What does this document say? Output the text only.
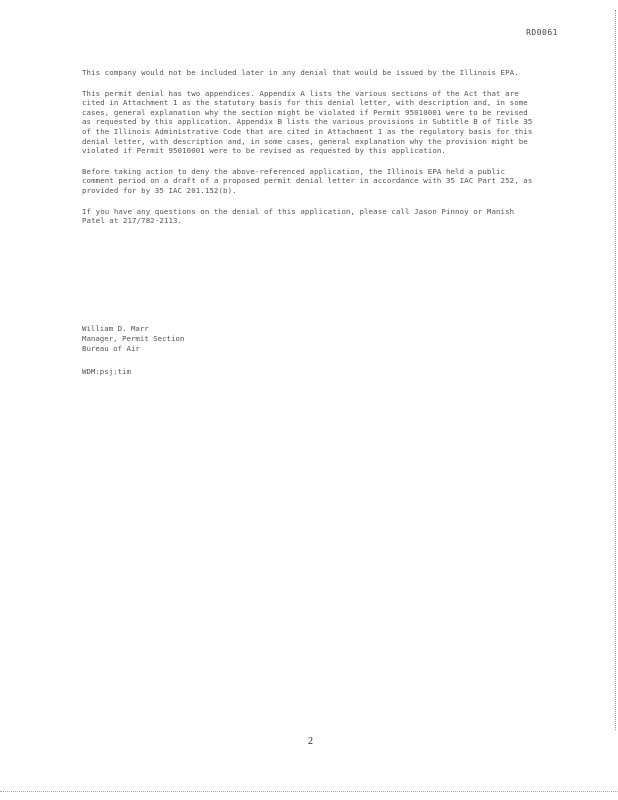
RD0061

This company would not be included later in any denial that would be issued by the Illinois EPA.

This permit denial has two appendices. Appendix A lists the various sections of the Act that are cited in Attachment 1 as the statutory basis for this denial letter, with description and, in some cases, general explanation why the section might be violated if Permit 95010001 were to be revised as requested by this application. Appendix B lists the various provisions in Subtitle B of Title 35 of the Illinois Administrative Code that are cited in Attachment 1 as the regulatory basis for this denial letter, with description and, in some cases, general explanation why the provision might be violated if Permit 95010001 were to be revised as requested by this application.

Before taking action to deny the above-referenced application, the Illinois EPA held a public comment period on a draft of a proposed permit denial letter in accordance with 35 IAC Part 252, as provided for by 35 IAC 201.152(b).

If you have any questions on the denial of this application, please call Jason Pinnoy or Manish Patel at 217/782-2113.

William D. Marr
Manager, Permit Section
Bureau of Air
WDM:psj:tim
2
